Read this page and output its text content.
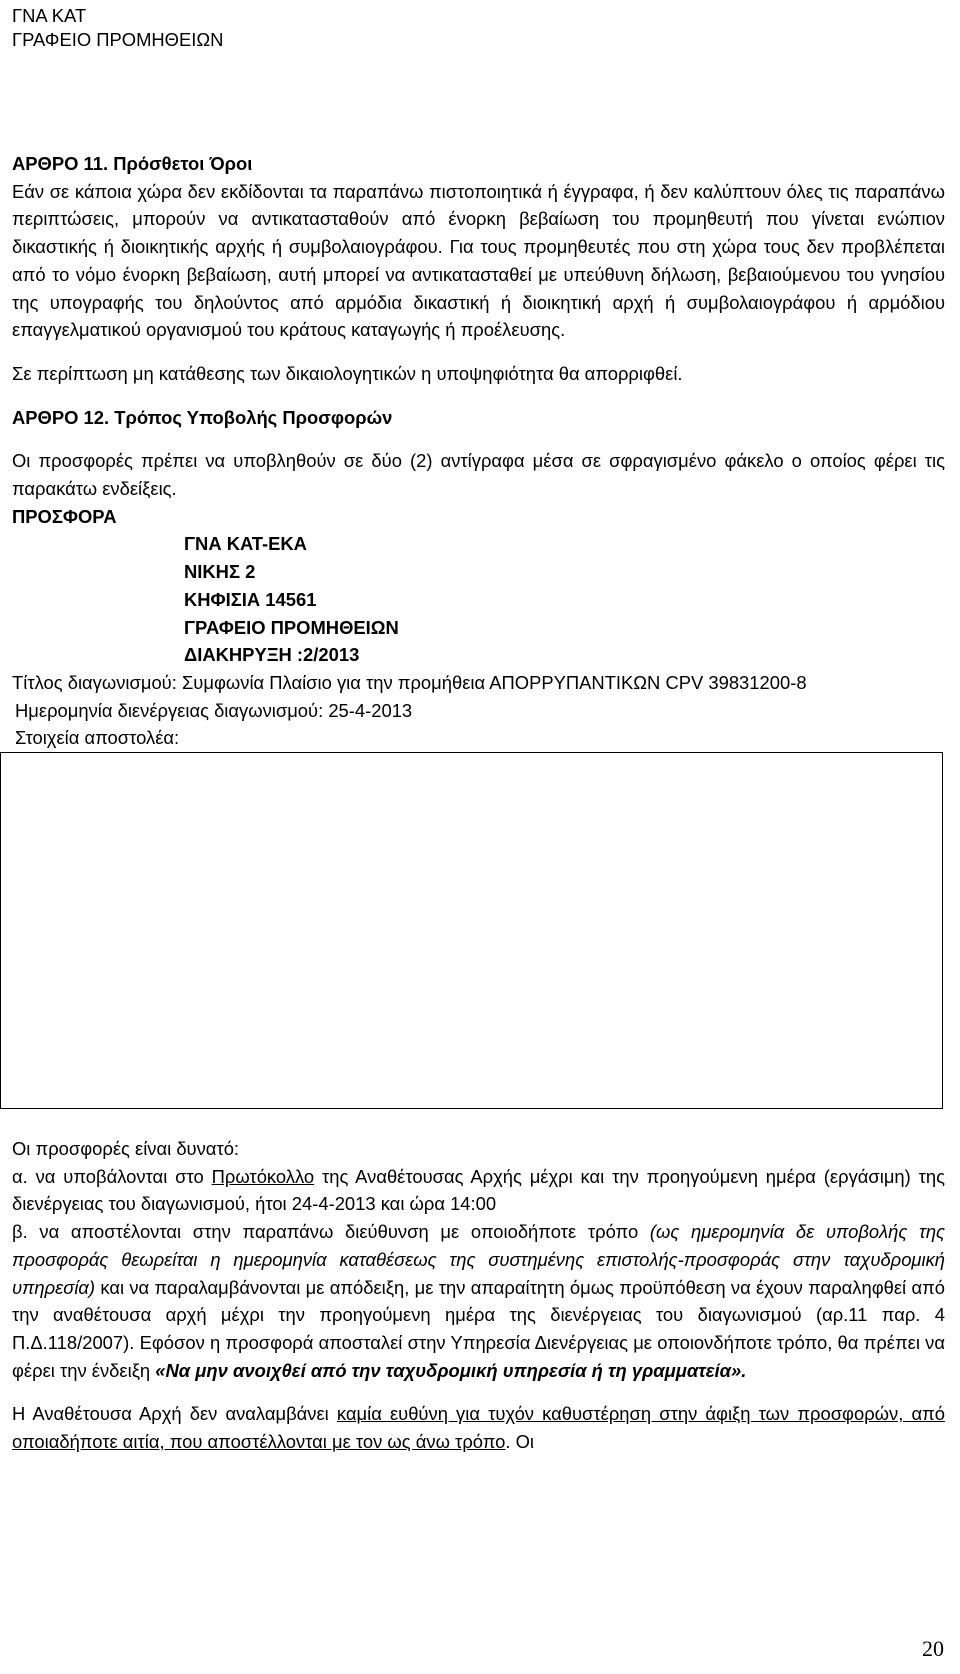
ΓΝΑ ΚΑΤ
ΓΡΑΦΕΙΟ ΠΡΟΜΗΘΕΙΩΝ

ΑΡΘΡΟ 11. Πρόσθετοι Όροι

Εάν σε κάποια χώρα δεν εκδίδονται τα παραπάνω πιστοποιητικά ή έγγραφα, ή δεν καλύπτουν όλες τις παραπάνω περιπτώσεις, μπορούν να αντικατασταθούν από ένορκη βεβαίωση του προμηθευτή που γίνεται ενώπιον δικαστικής ή διοικητικής αρχής ή συμβολαιογράφου. Για τους προμηθευτές που στη χώρα τους δεν προβλέπεται από το νόμο ένορκη βεβαίωση, αυτή μπορεί να αντικατασταθεί με υπεύθυνη δήλωση, βεβαιούμενου του γνησίου της υπογραφής του δηλούντος από αρμόδια δικαστική ή διοικητική αρχή ή συμβολαιογράφου ή αρμόδιου επαγγελματικού οργανισμού του κράτους καταγωγής ή προέλευσης.

Σε περίπτωση μη κατάθεσης των δικαιολογητικών η υποψηφιότητα θα απορριφθεί.

ΑΡΘΡΟ 12. Τρόπος Υποβολής Προσφορών

Οι προσφορές πρέπει να υποβληθούν σε δύο (2) αντίγραφα μέσα σε σφραγισμένο φάκελο ο οποίος φέρει τις παρακάτω ενδείξεις.

ΠΡΟΣΦΟΡΑ

ΓΝΑ ΚΑΤ-ΕΚΑ
ΝΙΚΗΣ 2
ΚΗΦΙΣΙΑ 14561
ΓΡΑΦΕΙΟ ΠΡΟΜΗΘΕΙΩΝ
ΔΙΑΚΗΡΥΞΗ :2/2013

Τίτλος διαγωνισμού: Συμφωνία Πλαίσιο για την προμήθεια ΑΠΟΡΡΥΠΑΝΤΙΚΩΝ CPV 39831200-8

Ημερομηνία διενέργειας διαγωνισμού: 25-4-2013

Στοιχεία αποστολέα:

Οι προσφορές είναι δυνατό:

α. να υποβάλονται στο Πρωτόκολλο της Αναθέτουσας Αρχής μέχρι και την προηγούμενη ημέρα (εργάσιμη) της διενέργειας του διαγωνισμού, ήτοι 24-4-2013 και ώρα 14:00

β. να αποστέλονται στην παραπάνω διεύθυνση με οποιοδήποτε τρόπο (ως ημερομηνία δε υποβολής της προσφοράς θεωρείται η ημερομηνία καταθέσεως της συστημένης επιστολής-προσφοράς στην ταχυδρομική υπηρεσία) και να παραλαμβάνονται με απόδειξη, με την απαραίτητη όμως προϋπόθεση να έχουν παραληφθεί από την αναθέτουσα αρχή μέχρι την προηγούμενη ημέρα της διενέργειας του διαγωνισμού (αρ.11 παρ. 4 Π.Δ.118/2007). Εφόσον η προσφορά αποσταλεί στην Υπηρεσία Διενέργειας με οποιονδήποτε τρόπο, θα πρέπει να φέρει την ένδειξη «Να μην ανοιχθεί από την ταχυδρομική υπηρεσία ή τη γραμματεία».

Η Αναθέτουσα Αρχή δεν αναλαμβάνει καμία ευθύνη για τυχόν καθυστέρηση στην άφιξη των προσφορών, από οποιαδήποτε αιτία, που αποστέλλονται με τον ως άνω τρόπο. Οι

20
